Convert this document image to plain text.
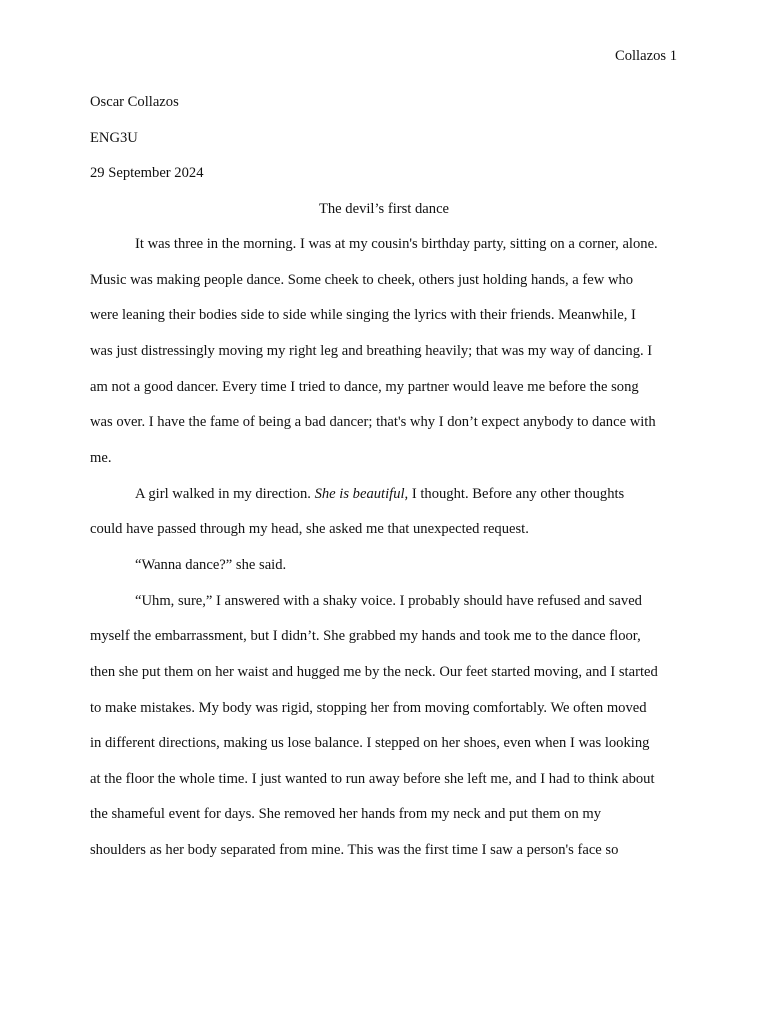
Collazos 1
Oscar Collazos
ENG3U
29 September 2024
The devil’s first dance
It was three in the morning. I was at my cousin's birthday party, sitting on a corner, alone.
Music was making people dance. Some cheek to cheek, others just holding hands, a few who
were leaning their bodies side to side while singing the lyrics with their friends. Meanwhile, I
was just distressingly moving my right leg and breathing heavily; that was my way of dancing. I
am not a good dancer. Every time I tried to dance, my partner would leave me before the song
was over. I have the fame of being a bad dancer; that's why I don’t expect anybody to dance with
me.
A girl walked in my direction. She is beautiful, I thought. Before any other thoughts
could have passed through my head, she asked me that unexpected request.
“Wanna dance?” she said.
“Uhm, sure,” I answered with a shaky voice. I probably should have refused and saved
myself the embarrassment, but I didn’t. She grabbed my hands and took me to the dance floor,
then she put them on her waist and hugged me by the neck. Our feet started moving, and I started
to make mistakes. My body was rigid, stopping her from moving comfortably. We often moved
in different directions, making us lose balance. I stepped on her shoes, even when I was looking
at the floor the whole time. I just wanted to run away before she left me, and I had to think about
the shameful event for days. She removed her hands from my neck and put them on my
shoulders as her body separated from mine. This was the first time I saw a person's face so
